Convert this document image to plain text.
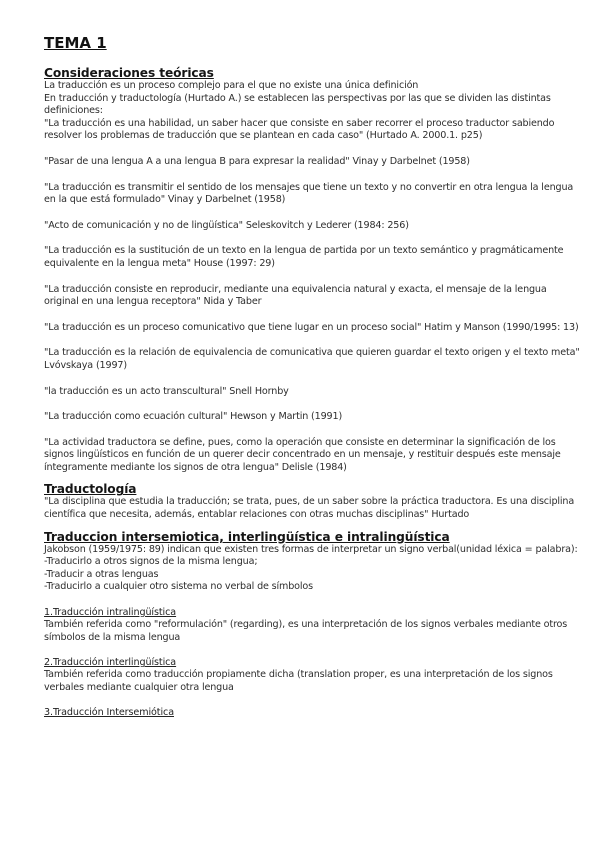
TEMA 1
Consideraciones teóricas

La traducción es un proceso complejo para el que no existe una única definición

En traducción y traductología (Hurtado A.) se establecen las perspectivas por las que se dividen las distintas definiciones:

"La traducción es una habilidad, un saber hacer que consiste en saber recorrer el proceso traductor sabiendo resolver los problemas de traducción que se plantean en cada caso" (Hurtado A. 2000.1. p25)

"Pasar de una lengua A a una lengua B para expresar la realidad" Vinay y Darbelnet (1958)

"La traducción es transmitir el sentido de los mensajes que tiene un texto y no convertir en otra lengua la lengua en la que está formulado" Vinay y Darbelnet (1958)

"Acto de comunicación y no de lingüística" Seleskovitch y Lederer (1984: 256)

"La traducción es la sustitución de un texto en la lengua de partida por un texto semántico y pragmáticamente equivalente en la lengua meta" House (1997: 29)

"La traducción consiste en reproducir, mediante una equivalencia natural y exacta, el mensaje de la lengua original en una lengua receptora" Nida y Taber

"La traducción es un proceso comunicativo que tiene lugar en un proceso social" Hatim y Manson (1990/1995: 13)

"La traducción es la relación de equivalencia de comunicativa que quieren guardar el texto origen y el texto meta" Lvóvskaya (1997)

"la traducción es un acto transcultural" Snell Hornby

"La traducción como ecuación cultural" Hewson y Martin (1991)

"La actividad traductora se define, pues, como la operación que consiste en determinar la significación de los signos lingüísticos en función de un querer decir concentrado en un mensaje, y restituir después este mensaje íntegramente mediante los signos de otra lengua" Delisle (1984)

Traductología

"La disciplina que estudia la traducción; se trata, pues, de un saber sobre la práctica traductora. Es una disciplina científica que necesita, además, entablar relaciones con otras muchas disciplinas" Hurtado

Traduccion intersemiotica, interlingüística e intralingüística

Jakobson (1959/1975: 89) indican que existen tres formas de interpretar un signo verbal(unidad léxica = palabra):

-Traducirlo a otros signos de la misma lengua;

-Traducir a otras lenguas

-Traducirlo a cualquier otro sistema no verbal de símbolos

1.Traducción intralingüística

También referida como "reformulación" (regarding), es una interpretación de los signos verbales mediante otros símbolos de la misma lengua

2.Traducción interlingüística

También referida como traducción propiamente dicha (translation proper, es una interpretación de los signos verbales mediante cualquier otra lengua

3.Traducción Intersemiótica
